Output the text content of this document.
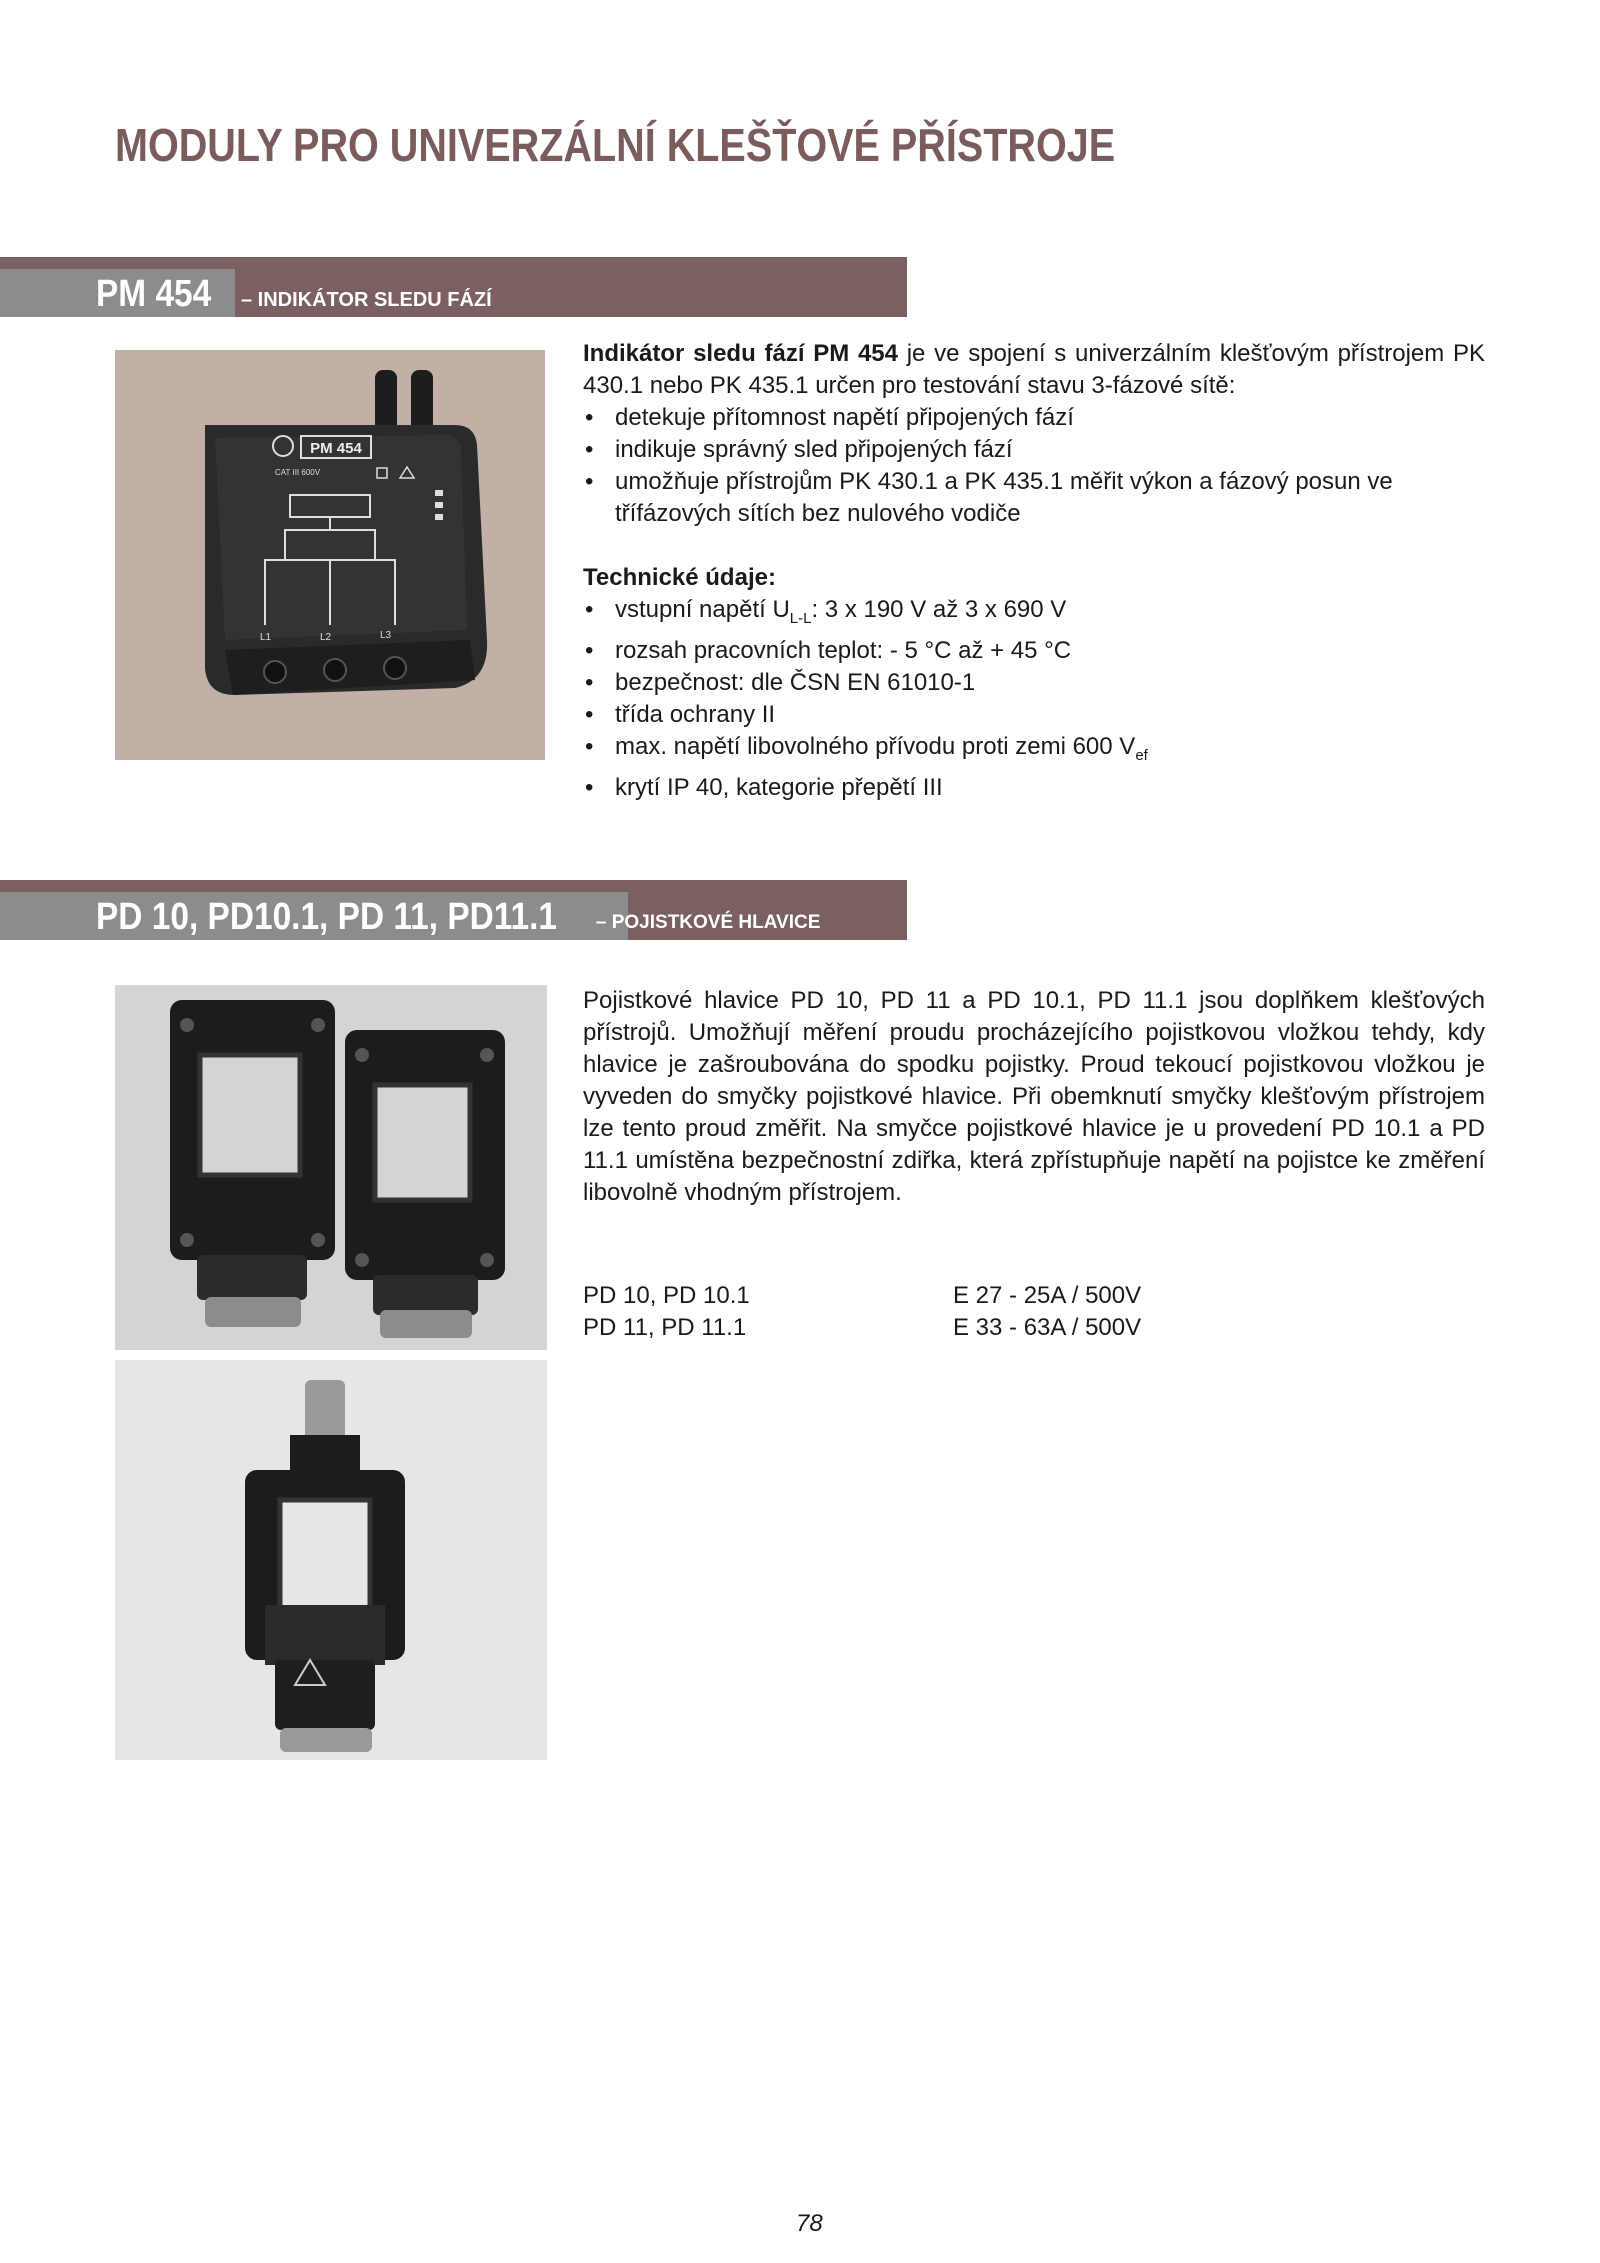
MODULY PRO UNIVERZÁLNÍ KLEŠŤOVÉ PŘÍSTROJE
PM 454	– INDIKÁTOR SLEDU FÁZÍ
PM 454
CAT III 600V
L1	L2	L3

Indikátor sledu fází PM 454 je ve spojení s univerzálním klešťovým přístrojem PK 430.1 nebo PK 435.1 určen pro testování stavu 3-fázové sítě:

• detekuje přítomnost napětí připojených fází
• indikuje správný sled připojených fází
• umožňuje přístrojům PK 430.1 a PK 435.1 měřit výkon a fázový posun ve třífázových sítích bez nulového vodiče
Technické údaje:
• vstupní napětí $U_{L-L}$: 3 x 190 V až 3 x 690 V
• rozsah pracovních teplot: - 5 °C až + 45 °C
• bezpečnost: dle ČSN EN 61010-1
• třída ochrany II
• max. napětí libovolného přívodu proti zemi 600 $V_{ef}$
• krytí IP 40, kategorie přepětí III
PD 10, PD10.1, PD 11, PD11.1	– POJISTKOVÉ HLAVICE
Pojistkové hlavice PD 10, PD 11 a PD 10.1, PD 11.1 jsou doplňkem klešťových přístrojů. Umožňují měření proudu procházejícího pojistkovou vložkou tehdy, kdy hlavice je zašroubována do spodku pojistky. Proud tekoucí pojistkovou vložkou je vyveden do smyčky pojistkové hlavice. Při obemknutí smyčky klešťovým přístrojem lze tento proud změřit. Na smyčce pojistkové hlavice je u provedení PD 10.1 a PD 11.1 umístěna bezpečnostní zdiřka, která zpřístupňuje napětí na pojistce ke změření libovolně vhodným přístrojem.
PD 10, PD 10.1	E 27 - 25A / 500V
PD 11, PD 11.1	E 33 - 63A / 500V
78
